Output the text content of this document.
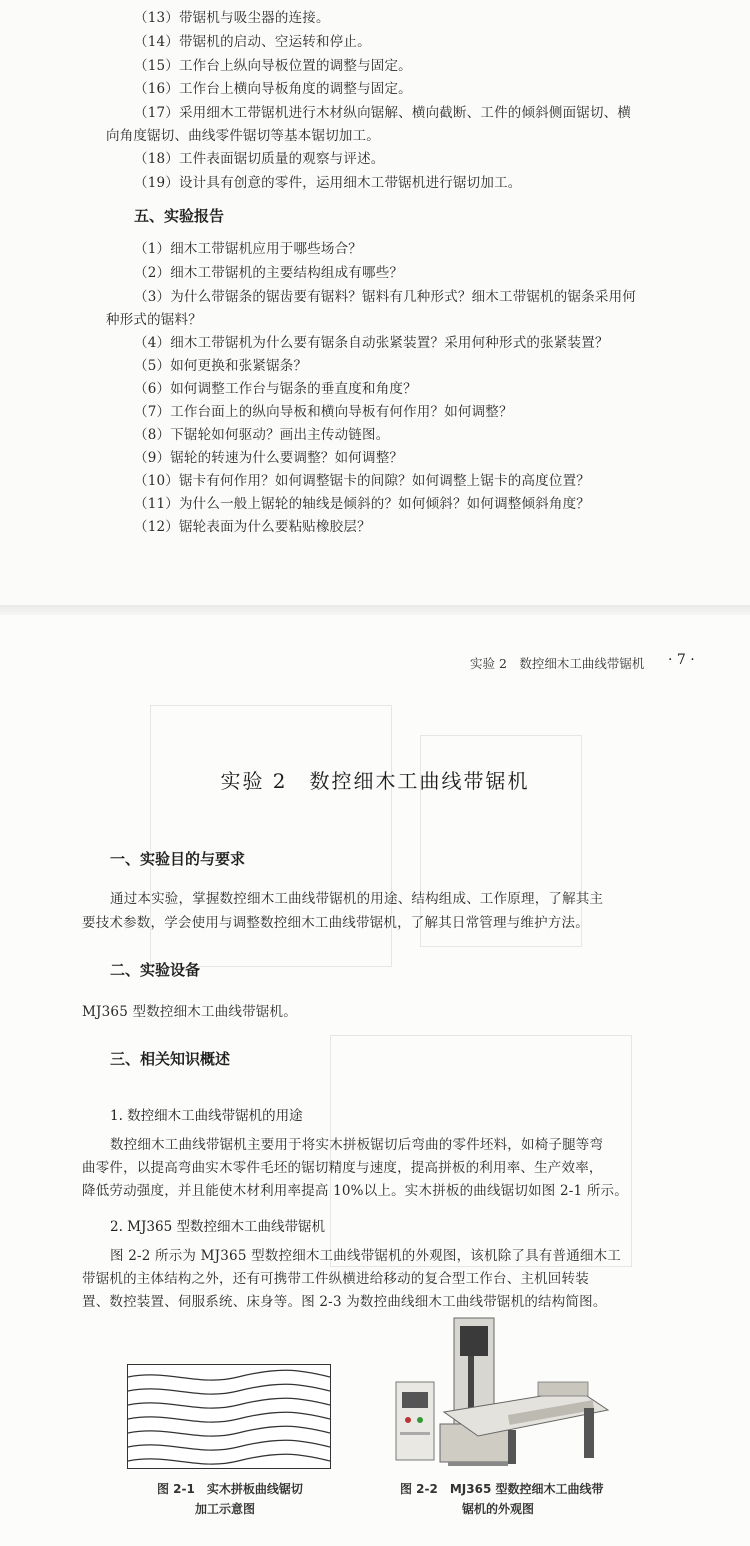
（13）带锯机与吸尘器的连接。
（14）带锯机的启动、空运转和停止。
（15）工作台上纵向导板位置的调整与固定。
（16）工作台上横向导板角度的调整与固定。
（17）采用细木工带锯机进行木材纵向锯解、横向截断、工件的倾斜侧面锯切、横
向角度锯切、曲线零件锯切等基本锯切加工。
（18）工件表面锯切质量的观察与评述。
（19）设计具有创意的零件，运用细木工带锯机进行锯切加工。
五、实验报告
（1）细木工带锯机应用于哪些场合？
（2）细木工带锯机的主要结构组成有哪些？
（3）为什么带锯条的锯齿要有锯料？锯料有几种形式？细木工带锯机的锯条采用何
种形式的锯料？
（4）细木工带锯机为什么要有锯条自动张紧装置？采用何种形式的张紧装置？
（5）如何更换和张紧锯条？
（6）如何调整工作台与锯条的垂直度和角度？
（7）工作台面上的纵向导板和横向导板有何作用？如何调整？
（8）下锯轮如何驱动？画出主传动链图。
（9）锯轮的转速为什么要调整？如何调整？
（10）锯卡有何作用？如何调整锯卡的间隙？如何调整上锯卡的高度位置？
（11）为什么一般上锯轮的轴线是倾斜的？如何倾斜？如何调整倾斜角度？
（12）锯轮表面为什么要粘贴橡胶层？
实验 2　数控细木工曲线带锯机 · 7 ·
实验 2　数控细木工曲线带锯机
一、实验目的与要求
通过本实验，掌握数控细木工曲线带锯机的用途、结构组成、工作原理，了解其主
要技术参数，学会使用与调整数控细木工曲线带锯机，了解其日常管理与维护方法。
二、实验设备
MJ365 型数控细木工曲线带锯机。
三、相关知识概述
1. 数控细木工曲线带锯机的用途
数控细木工曲线带锯机主要用于将实木拼板锯切后弯曲的零件坯料，如椅子腿等弯
曲零件，以提高弯曲实木零件毛坯的锯切精度与速度，提高拼板的利用率、生产效率，
降低劳动强度，并且能使木材利用率提高 10%以上。实木拼板的曲线锯切如图 2-1 所示。
2. MJ365 型数控细木工曲线带锯机
图 2-2 所示为 MJ365 型数控细木工曲线带锯机的外观图，该机除了具有普通细木工
带锯机的主体结构之外，还有可携带工件纵横进给移动的复合型工作台、主机回转装
置、数控装置、伺服系统、床身等。图 2-3 为数控曲线细木工曲线带锯机的结构简图。
图 2-1　实木拼板曲线锯切
加工示意图
图 2-2　MJ365 型数控细木工曲线带
锯机的外观图
